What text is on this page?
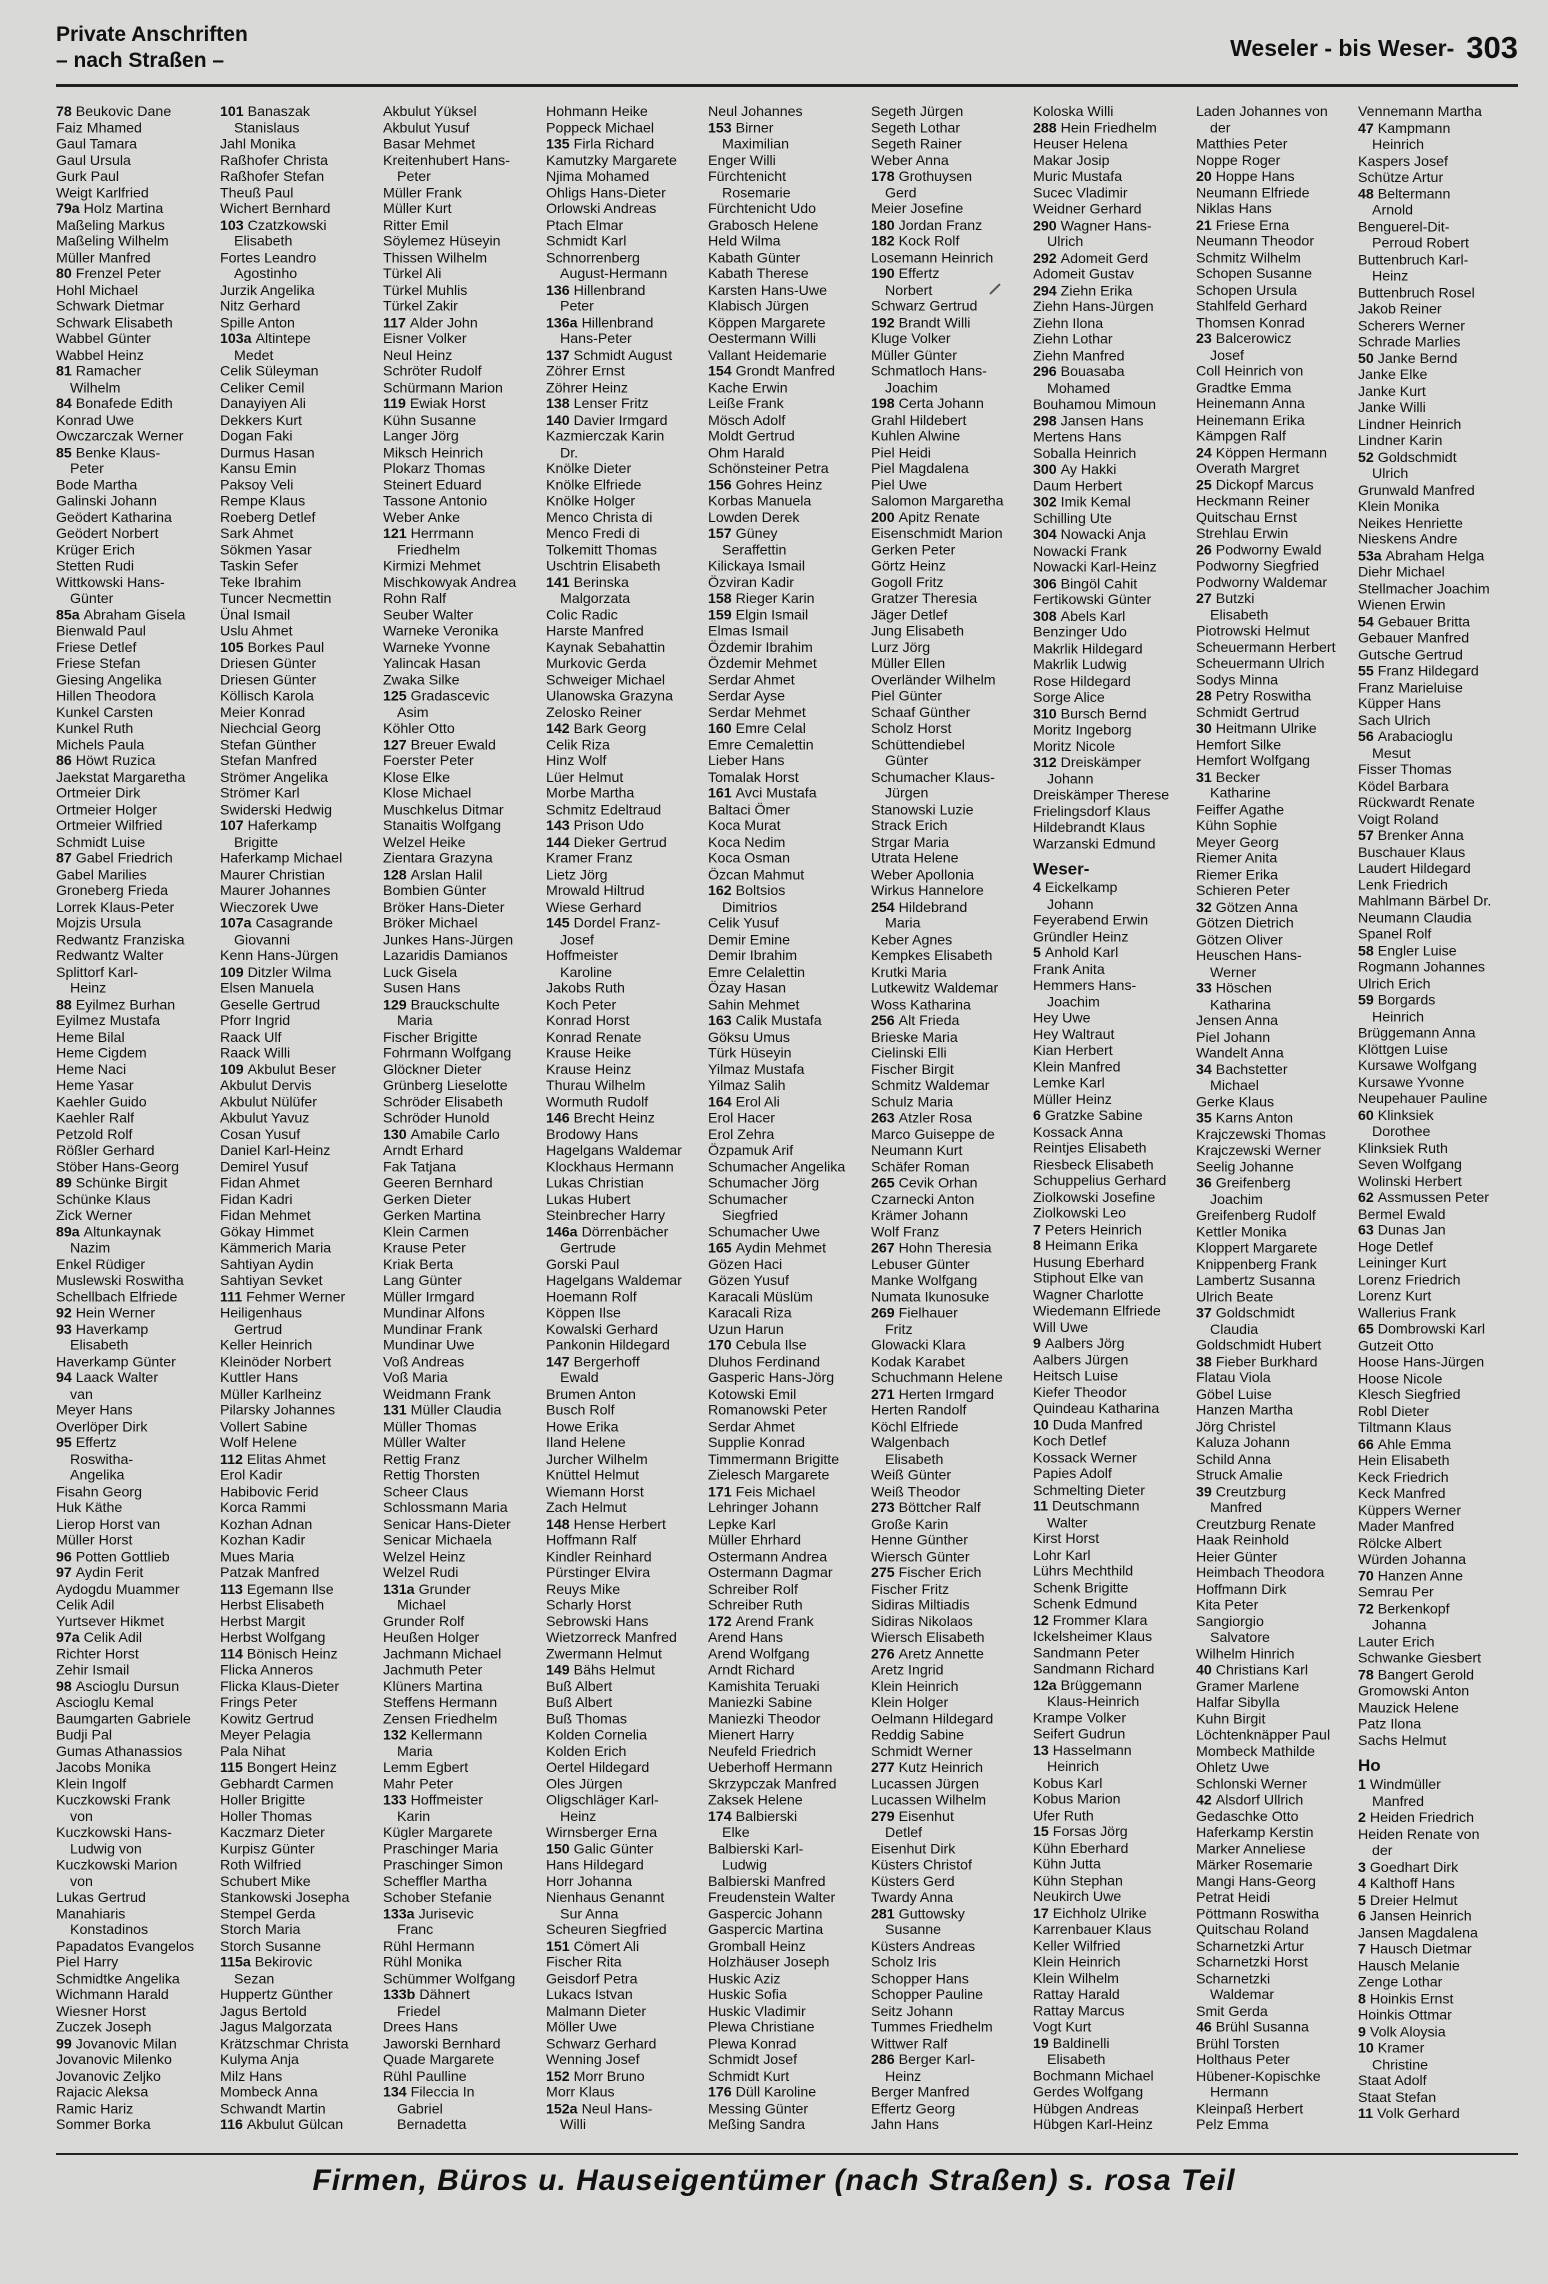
Private Anschriften
– nach Straßen –	Weseler - bis Weser- 303
78 Beukovic Dane
Faiz Mhamed
Gaul Tamara
Gaul Ursula
Gurk Paul
Weigt Karlfried
79a Holz Martina
Maßeling Markus
Maßeling Wilhelm
Müller Manfred
80 Frenzel Peter
Hohl Michael
Schwark Dietmar
Schwark Elisabeth
Wabbel Günter
Wabbel Heinz
81 Ramacher
Wilhelm
84 Bonafede Edith
Konrad Uwe
Owczarczak Werner
85 Benke Klaus-
Peter
Bode Martha
Galinski Johann
Geödert Katharina
Geödert Norbert
Krüger Erich
Stetten Rudi
Wittkowski Hans-
Günter
85a Abraham Gisela
Bienwald Paul
Friese Detlef
Friese Stefan
Giesing Angelika
Hillen Theodora
Kunkel Carsten
Kunkel Ruth
Michels Paula
86 Höwt Ruzica
Jaekstat Margaretha
Ortmeier Dirk
Ortmeier Holger
Ortmeier Wilfried
Schmidt Luise
87 Gabel Friedrich
Gabel Marilies
Groneberg Frieda
Lorrek Klaus-Peter
Mojzis Ursula
Redwantz Franziska
Redwantz Walter
Splittorf Karl-
Heinz
88 Eyilmez Burhan
Eyilmez Mustafa
Heme Bilal
Heme Cigdem
Heme Naci
Heme Yasar
Kaehler Guido
Kaehler Ralf
Petzold Rolf
Rößler Gerhard
Stöber Hans-Georg
89 Schünke Birgit
Schünke Klaus
Zick Werner
89a Altunkaynak
Nazim
Enkel Rüdiger
Muslewski Roswitha
Schellbach Elfriede
92 Hein Werner
93 Haverkamp
Elisabeth
Haverkamp Günter
94 Laack Walter
van
Meyer Hans
Overlöper Dirk
95 Effertz
Roswitha-
Angelika
Fisahn Georg
Huk Käthe
Lierop Horst van
Müller Horst
96 Potten Gottlieb
97 Aydin Ferit
Aydogdu Muammer
Celik Adil
Yurtsever Hikmet
97a Celik Adil
Richter Horst
Zehir Ismail
98 Ascioglu Dursun
Ascioglu Kemal
Baumgarten Gabriele
Budji Pal
Gumas Athanassios
Jacobs Monika
Klein Ingolf
Kuczkowski Frank
von
Kuczkowski Hans-
Ludwig von
Kuczkowski Marion
von
Lukas Gertrud
Manahiaris
Konstadinos
Papadatos Evangelos
Piel Harry
Schmidtke Angelika
Wichmann Harald
Wiesner Horst
Zuczek Joseph
99 Jovanovic Milan
Jovanovic Milenko
Jovanovic Zeljko
Rajacic Aleksa
Ramic Hariz
Sommer Borka
101 Banaszak
Stanislaus
Jahl Monika
Raßhofer Christa
Raßhofer Stefan
Theuß Paul
Wichert Bernhard
103 Czatzkowski
Elisabeth
Fortes Leandro
Agostinho
Jurzik Angelika
Nitz Gerhard
Spille Anton
103a Altintepe
Medet
Celik Süleyman
Celiker Cemil
Danayiyen Ali
Dekkers Kurt
Dogan Faki
Durmus Hasan
Kansu Emin
Paksoy Veli
Rempe Klaus
Roeberg Detlef
Sark Ahmet
Sökmen Yasar
Taskin Sefer
Teke Ibrahim
Tuncer Necmettin
Ünal Ismail
Uslu Ahmet
105 Borkes Paul
Driesen Günter
Driesen Günter
Köllisch Karola
Meier Konrad
Niechcial Georg
Stefan Günther
Stefan Manfred
Strömer Angelika
Strömer Karl
Swiderski Hedwig
107 Haferkamp
Brigitte
Haferkamp Michael
Maurer Christian
Maurer Johannes
Wieczorek Uwe
107a Casagrande
Giovanni
Kenn Hans-Jürgen
109 Ditzler Wilma
Elsen Manuela
Geselle Gertrud
Pforr Ingrid
Raack Ulf
Raack Willi
109 Akbulut Beser
Akbulut Dervis
Akbulut Nülüfer
Akbulut Yavuz
Cosan Yusuf
Daniel Karl-Heinz
Demirel Yusuf
Fidan Ahmet
Fidan Kadri
Fidan Mehmet
Gökay Himmet
Kämmerich Maria
Sahtiyan Aydin
Sahtiyan Sevket
111 Fehmer Werner
Heiligenhaus
Gertrud
Keller Heinrich
Kleinöder Norbert
Kuttler Hans
Müller Karlheinz
Pilarsky Johannes
Vollert Sabine
Wolf Helene
112 Elitas Ahmet
Erol Kadir
Habibovic Ferid
Korca Rammi
Kozhan Adnan
Kozhan Kadir
Mues Maria
Patzak Manfred
113 Egemann Ilse
Herbst Elisabeth
Herbst Margit
Herbst Wolfgang
114 Bönisch Heinz
Flicka Anneros
Flicka Klaus-Dieter
Frings Peter
Kowitz Gertrud
Meyer Pelagia
Pala Nihat
115 Bongert Heinz
Gebhardt Carmen
Holler Brigitte
Holler Thomas
Kaczmarz Dieter
Kurpisz Günter
Roth Wilfried
Schubert Mike
Stankowski Josepha
Stempel Gerda
Storch Maria
Storch Susanne
115a Bekirovic
Sezan
Huppertz Günther
Jagus Bertold
Jagus Malgorzata
Krätzschmar Christa
Kulyma Anja
Milz Hans
Mombeck Anna
Schwandt Martin
116 Akbulut Gülcan
Akbulut Yüksel
Akbulut Yusuf
Basar Mehmet
Kreitenhubert Hans-
Peter
Müller Frank
Müller Kurt
Ritter Emil
Söylemez Hüseyin
Thissen Wilhelm
Türkel Ali
Türkel Muhlis
Türkel Zakir
117 Alder John
Eisner Volker
Neul Heinz
Schröter Rudolf
Schürmann Marion
119 Ewiak Horst
Kühn Susanne
Langer Jörg
Miksch Heinrich
Plokarz Thomas
Steinert Eduard
Tassone Antonio
Weber Anke
121 Herrmann
Friedhelm
Kirmizi Mehmet
Mischkowyak Andrea
Rohn Ralf
Seuber Walter
Warneke Veronika
Warneke Yvonne
Yalincak Hasan
Zwaka Silke
125 Gradascevic
Asim
Köhler Otto
127 Breuer Ewald
Foerster Peter
Klose Elke
Klose Michael
Muschkelus Ditmar
Stanaitis Wolfgang
Welzel Heike
Zientara Grazyna
128 Arslan Halil
Bombien Günter
Bröker Hans-Dieter
Bröker Michael
Junkes Hans-Jürgen
Lazaridis Damianos
Luck Gisela
Susen Hans
129 Brauckschulte
Maria
Fischer Brigitte
Fohrmann Wolfgang
Glöckner Dieter
Grünberg Lieselotte
Schröder Elisabeth
Schröder Hunold
130 Amabile Carlo
Arndt Erhard
Fak Tatjana
Geeren Bernhard
Gerken Dieter
Gerken Martina
Klein Carmen
Krause Peter
Kriak Berta
Lang Günter
Müller Irmgard
Mundinar Alfons
Mundinar Frank
Mundinar Uwe
Voß Andreas
Voß Maria
Weidmann Frank
131 Müller Claudia
Müller Thomas
Müller Walter
Rettig Franz
Rettig Thorsten
Scheer Claus
Schlossmann Maria
Senicar Hans-Dieter
Senicar Michaela
Welzel Heinz
Welzel Rudi
131a Grunder
Michael
Grunder Rolf
Heußen Holger
Jachmann Michael
Jachmuth Peter
Klüners Martina
Steffens Hermann
Zensen Friedhelm
132 Kellermann
Maria
Lemm Egbert
Mahr Peter
133 Hoffmeister
Karin
Kügler Margarete
Praschinger Maria
Praschinger Simon
Scheffler Martha
Schober Stefanie
133a Jurisevic
Franc
Rühl Hermann
Rühl Monika
Schümmer Wolfgang
133b Dähnert
Friedel
Drees Hans
Jaworski Bernhard
Quade Margarete
Rühl Paulline
134 Fileccia In
Gabriel
Bernadetta
Hohmann Heike
Poppeck Michael
135 Firla Richard
Kamutzky Margarete
Njima Mohamed
Ohligs Hans-Dieter
Orlowski Andreas
Ptach Elmar
Schmidt Karl
Schnorrenberg
August-Hermann
136 Hillenbrand
Peter
136a Hillenbrand
Hans-Peter
137 Schmidt August
Zöhrer Ernst
Zöhrer Heinz
138 Lenser Fritz
140 Davier Irmgard
Kazmierczak Karin
Dr.
Knölke Dieter
Knölke Elfriede
Knölke Holger
Menco Christa di
Menco Fredi di
Tolkemitt Thomas
Uschtrin Elisabeth
141 Berinska
Malgorzata
Colic Radic
Harste Manfred
Kaynak Sebahattin
Murkovic Gerda
Schweiger Michael
Ulanowska Grazyna
Zelosko Reiner
142 Bark Georg
Celik Riza
Hinz Wolf
Lüer Helmut
Morbe Martha
Schmitz Edeltraud
143 Prison Udo
144 Dieker Gertrud
Kramer Franz
Lietz Jörg
Mrowald Hiltrud
Wiese Gerhard
145 Dordel Franz-
Josef
Hoffmeister
Karoline
Jakobs Ruth
Koch Peter
Konrad Horst
Konrad Renate
Krause Heike
Krause Heinz
Thurau Wilhelm
Wormuth Rudolf
146 Brecht Heinz
Brodowy Hans
Hagelgans Waldemar
Klockhaus Hermann
Lukas Christian
Lukas Hubert
Steinbrecher Harry
146a Dörrenbächer
Gertrude
Gorski Paul
Hagelgans Waldemar
Hoemann Rolf
Köppen Ilse
Kowalski Gerhard
Pankonin Hildegard
147 Bergerhoff
Ewald
Brumen Anton
Busch Rolf
Howe Erika
Iland Helene
Jurcher Wilhelm
Knüttel Helmut
Wiemann Horst
Zach Helmut
148 Hense Herbert
Hoffmann Ralf
Kindler Reinhard
Pürstinger Elvira
Reuys Mike
Scharly Horst
Sebrowski Hans
Wietzorreck Manfred
Zwermann Helmut
149 Bähs Helmut
Buß Albert
Buß Albert
Buß Thomas
Kolden Cornelia
Kolden Erich
Oertel Hildegard
Oles Jürgen
Oligschläger Karl-
Heinz
Wirnsberger Erna
150 Galic Günter
Hans Hildegard
Horr Johanna
Nienhaus Genannt
Sur Anna
Scheuren Siegfried
151 Cömert Ali
Fischer Rita
Geisdorf Petra
Lukacs Istvan
Malmann Dieter
Möller Uwe
Schwarz Gerhard
Wenning Josef
152 Morr Bruno
Morr Klaus
152a Neul Hans-
Willi
Neul Johannes
153 Birner
Maximilian
Enger Willi
Fürchtenicht
Rosemarie
Fürchtenicht Udo
Grabosch Helene
Held Wilma
Kabath Günter
Kabath Therese
Karsten Hans-Uwe
Klabisch Jürgen
Köppen Margarete
Oestermann Willi
Vallant Heidemarie
154 Grondt Manfred
Kache Erwin
Leiße Frank
Mösch Adolf
Moldt Gertrud
Ohm Harald
Schönsteiner Petra
156 Gohres Heinz
Korbas Manuela
Lowden Derek
157 Güney
Seraffettin
Kilickaya Ismail
Özviran Kadir
158 Rieger Karin
159 Elgin Ismail
Elmas Ismail
Özdemir Ibrahim
Özdemir Mehmet
Serdar Ahmet
Serdar Ayse
Serdar Mehmet
160 Emre Celal
Emre Cemalettin
Lieber Hans
Tomalak Horst
161 Avci Mustafa
Baltaci Ömer
Koca Murat
Koca Nedim
Koca Osman
Özcan Mahmut
162 Boltsios
Dimitrios
Celik Yusuf
Demir Emine
Demir Ibrahim
Emre Celalettin
Özay Hasan
Sahin Mehmet
163 Calik Mustafa
Göksu Umus
Türk Hüseyin
Yilmaz Mustafa
Yilmaz Salih
164 Erol Ali
Erol Hacer
Erol Zehra
Özpamuk Arif
Schumacher Angelika
Schumacher Jörg
Schumacher
Siegfried
Schumacher Uwe
165 Aydin Mehmet
Gözen Haci
Gözen Yusuf
Karacali Müslüm
Karacali Riza
Uzun Harun
170 Cebula Ilse
Dluhos Ferdinand
Gasperic Hans-Jörg
Kotowski Emil
Romanowski Peter
Serdar Ahmet
Supplie Konrad
Timmermann Brigitte
Zielesch Margarete
171 Feis Michael
Lehringer Johann
Lepke Karl
Müller Ehrhard
Ostermann Andrea
Ostermann Dagmar
Schreiber Rolf
Schreiber Ruth
172 Arend Frank
Arend Hans
Arend Wolfgang
Arndt Richard
Kamishita Teruaki
Maniezki Sabine
Maniezki Theodor
Mienert Harry
Neufeld Friedrich
Ueberhoff Hermann
Skrzypczak Manfred
Zaksek Helene
174 Balbierski
Elke
Balbierski Karl-
Ludwig
Balbierski Manfred
Freudenstein Walter
Gaspercic Johann
Gaspercic Martina
Gromball Heinz
Holzhäuser Joseph
Huskic Aziz
Huskic Sofia
Huskic Vladimir
Plewa Christiane
Plewa Konrad
Schmidt Josef
Schmidt Kurt
176 Düll Karoline
Messing Günter
Meßing Sandra
Segeth Jürgen
Segeth Lothar
Segeth Rainer
Weber Anna
178 Grothuysen
Gerd
Meier Josefine
180 Jordan Franz
182 Kock Rolf
Losemann Heinrich
190 Effertz
Norbert
Schwarz Gertrud
192 Brandt Willi
Kluge Volker
Müller Günter
Schmatloch Hans-
Joachim
198 Certa Johann
Grahl Hildebert
Kuhlen Alwine
Piel Heidi
Piel Magdalena
Piel Uwe
Salomon Margaretha
200 Apitz Renate
Eisenschmidt Marion
Gerken Peter
Görtz Heinz
Gogoll Fritz
Gratzer Theresia
Jäger Detlef
Jung Elisabeth
Lurz Jörg
Müller Ellen
Overländer Wilhelm
Piel Günter
Schaaf Günther
Scholz Horst
Schüttendiebel
Günter
Schumacher Klaus-
Jürgen
Stanowski Luzie
Strack Erich
Strgar Maria
Utrata Helene
Weber Apollonia
Wirkus Hannelore
254 Hildebrand
Maria
Keber Agnes
Kempkes Elisabeth
Krutki Maria
Lutkewitz Waldemar
Woss Katharina
256 Alt Frieda
Brieske Maria
Cielinski Elli
Fischer Birgit
Schmitz Waldemar
Schulz Maria
263 Atzler Rosa
Marco Guiseppe de
Neumann Kurt
Schäfer Roman
265 Cevik Orhan
Czarnecki Anton
Krämer Johann
Wolf Franz
267 Hohn Theresia
Lebuser Günter
Manke Wolfgang
Numata Ikunosuke
269 Fielhauer
Fritz
Glowacki Klara
Kodak Karabet
Schuchmann Helene
271 Herten Irmgard
Herten Randolf
Köchl Elfriede
Walgenbach
Elisabeth
Weiß Günter
Weiß Theodor
273 Böttcher Ralf
Große Karin
Henne Günther
Wiersch Günter
275 Fischer Erich
Fischer Fritz
Sidiras Miltiadis
Sidiras Nikolaos
Wiersch Elisabeth
276 Aretz Annette
Aretz Ingrid
Klein Heinrich
Klein Holger
Oelmann Hildegard
Reddig Sabine
Schmidt Werner
277 Kutz Heinrich
Lucassen Jürgen
Lucassen Wilhelm
279 Eisenhut
Detlef
Eisenhut Dirk
Küsters Christof
Küsters Gerd
Twardy Anna
281 Guttowsky
Susanne
Küsters Andreas
Scholz Iris
Schopper Hans
Schopper Pauline
Seitz Johann
Tummes Friedhelm
Wittwer Ralf
286 Berger Karl-
Heinz
Berger Manfred
Effertz Georg
Jahn Hans
Koloska Willi
288 Hein Friedhelm
Heuser Helena
Makar Josip
Muric Mustafa
Sucec Vladimir
Weidner Gerhard
290 Wagner Hans-
Ulrich
292 Adomeit Gerd
Adomeit Gustav
294 Ziehn Erika
Ziehn Hans-Jürgen
Ziehn Ilona
Ziehn Lothar
Ziehn Manfred
296 Bouasaba
Mohamed
Bouhamou Mimoun
298 Jansen Hans
Mertens Hans
Soballa Heinrich
300 Ay Hakki
Daum Herbert
302 Imik Kemal
Schilling Ute
304 Nowacki Anja
Nowacki Frank
Nowacki Karl-Heinz
306 Bingöl Cahit
Fertikowski Günter
308 Abels Karl
Benzinger Udo
Makrlik Hildegard
Makrlik Ludwig
Rose Hildegard
Sorge Alice
310 Bursch Bernd
Moritz Ingeborg
Moritz Nicole
312 Dreiskämper
Johann
Dreiskämper Therese
Frielingsdorf Klaus
Hildebrandt Klaus
Warzanski Edmund
Weser-
4 Eickelkamp
Johann
Feyerabend Erwin
Gründler Heinz
5 Anhold Karl
Frank Anita
Hemmers Hans-
Joachim
Hey Uwe
Hey Waltraut
Kian Herbert
Klein Manfred
Lemke Karl
Müller Heinz
6 Gratzke Sabine
Kossack Anna
Reintjes Elisabeth
Riesbeck Elisabeth
Schuppelius Gerhard
Ziolkowski Josefine
Ziolkowski Leo
7 Peters Heinrich
8 Heimann Erika
Husung Eberhard
Stiphout Elke van
Wagner Charlotte
Wiedemann Elfriede
Will Uwe
9 Aalbers Jörg
Aalbers Jürgen
Heitsch Luise
Kiefer Theodor
Quindeau Katharina
10 Duda Manfred
Koch Detlef
Kossack Werner
Papies Adolf
Schmelting Dieter
11 Deutschmann
Walter
Kirst Horst
Lohr Karl
Lührs Mechthild
Schenk Brigitte
Schenk Edmund
12 Frommer Klara
Ickelsheimer Klaus
Sandmann Peter
Sandmann Richard
12a Brüggemann
Klaus-Heinrich
Krampe Volker
Seifert Gudrun
13 Hasselmann
Heinrich
Kobus Karl
Kobus Marion
Ufer Ruth
15 Forsas Jörg
Kühn Eberhard
Kühn Jutta
Kühn Stephan
Neukirch Uwe
17 Eichholz Ulrike
Karrenbauer Klaus
Keller Wilfried
Klein Heinrich
Klein Wilhelm
Rattay Harald
Rattay Marcus
Vogt Kurt
19 Baldinelli
Elisabeth
Bochmann Michael
Gerdes Wolfgang
Hübgen Andreas
Hübgen Karl-Heinz
Laden Johannes von
der
Matthies Peter
Noppe Roger
20 Hoppe Hans
Neumann Elfriede
Niklas Hans
21 Friese Erna
Neumann Theodor
Schmitz Wilhelm
Schopen Susanne
Schopen Ursula
Stahlfeld Gerhard
Thomsen Konrad
23 Balcerowicz
Josef
Coll Heinrich von
Gradtke Emma
Heinemann Anna
Heinemann Erika
Kämpgen Ralf
24 Köppen Hermann
Overath Margret
25 Dickopf Marcus
Heckmann Reiner
Quitschau Ernst
Strehlau Erwin
26 Podworny Ewald
Podworny Siegfried
Podworny Waldemar
27 Butzki
Elisabeth
Piotrowski Helmut
Scheuermann Herbert
Scheuermann Ulrich
Sodys Minna
28 Petry Roswitha
Schmidt Gertrud
30 Heitmann Ulrike
Hemfort Silke
Hemfort Wolfgang
31 Becker
Katharine
Feiffer Agathe
Kühn Sophie
Meyer Georg
Riemer Anita
Riemer Erika
Schieren Peter
32 Götzen Anna
Götzen Dietrich
Götzen Oliver
Heuschen Hans-
Werner
33 Höschen
Katharina
Jensen Anna
Piel Johann
Wandelt Anna
34 Bachstetter
Michael
Gerke Klaus
35 Karns Anton
Krajczewski Thomas
Krajczewski Werner
Seelig Johanne
36 Greifenberg
Joachim
Greifenberg Rudolf
Kettler Monika
Kloppert Margarete
Knippenberg Frank
Lambertz Susanna
Ulrich Beate
37 Goldschmidt
Claudia
Goldschmidt Hubert
38 Fieber Burkhard
Flatau Viola
Göbel Luise
Hanzen Martha
Jörg Christel
Kaluza Johann
Schild Anna
Struck Amalie
39 Creutzburg
Manfred
Creutzburg Renate
Haak Reinhold
Heier Günter
Heimbach Theodora
Hoffmann Dirk
Kita Peter
Sangiorgio
Salvatore
Wilhelm Hinrich
40 Christians Karl
Gramer Marlene
Halfar Sibylla
Kuhn Birgit
Löchtenknäpper Paul
Mombeck Mathilde
Ohletz Uwe
Schlonski Werner
42 Alsdorf Ullrich
Gedaschke Otto
Haferkamp Kerstin
Marker Anneliese
Märker Rosemarie
Mangi Hans-Georg
Petrat Heidi
Pöttmann Roswitha
Quitschau Roland
Scharnetzki Artur
Scharnetzki Horst
Scharnetzki
Waldemar
Smit Gerda
46 Brühl Susanna
Brühl Torsten
Holthaus Peter
Hübener-Kopischke
Hermann
Kleinpaß Herbert
Pelz Emma
Vennemann Martha
47 Kampmann
Heinrich
Kaspers Josef
Schütze Artur
48 Beltermann
Arnold
Benguerel-Dit-
Perroud Robert
Buttenbruch Karl-
Heinz
Buttenbruch Rosel
Jakob Reiner
Scherers Werner
Schrade Marlies
50 Janke Bernd
Janke Elke
Janke Kurt
Janke Willi
Lindner Heinrich
Lindner Karin
52 Goldschmidt
Ulrich
Grunwald Manfred
Klein Monika
Neikes Henriette
Nieskens Andre
53a Abraham Helga
Diehr Michael
Stellmacher Joachim
Wienen Erwin
54 Gebauer Britta
Gebauer Manfred
Gutsche Gertrud
55 Franz Hildegard
Franz Marieluise
Küpper Hans
Sach Ulrich
56 Arabacioglu
Mesut
Fisser Thomas
Ködel Barbara
Rückwardt Renate
Voigt Roland
57 Brenker Anna
Buschauer Klaus
Laudert Hildegard
Lenk Friedrich
Mahlmann Bärbel Dr.
Neumann Claudia
Spanel Rolf
58 Engler Luise
Rogmann Johannes
Ulrich Erich
59 Borgards
Heinrich
Brüggemann Anna
Klöttgen Luise
Kursawe Wolfgang
Kursawe Yvonne
Neupehauer Pauline
60 Klinksiek
Dorothee
Klinksiek Ruth
Seven Wolfgang
Wolinski Herbert
62 Assmussen Peter
Bermel Ewald
63 Dunas Jan
Hoge Detlef
Leininger Kurt
Lorenz Friedrich
Lorenz Kurt
Wallerius Frank
65 Dombrowski Karl
Gutzeit Otto
Hoose Hans-Jürgen
Hoose Nicole
Klesch Siegfried
Robl Dieter
Tiltmann Klaus
66 Ahle Emma
Hein Elisabeth
Keck Friedrich
Keck Manfred
Küppers Werner
Mader Manfred
Rölcke Albert
Würden Johanna
70 Hanzen Anne
Semrau Per
72 Berkenkopf
Johanna
Lauter Erich
Schwanke Giesbert
78 Bangert Gerold
Gromowski Anton
Mauzick Helene
Patz Ilona
Sachs Helmut
Ho
1 Windmüller
Manfred
2 Heiden Friedrich
Heiden Renate von
der
3 Goedhart Dirk
4 Kalthoff Hans
5 Dreier Helmut
6 Jansen Heinrich
Jansen Magdalena
7 Hausch Dietmar
Hausch Melanie
Zenge Lothar
8 Hoinkis Ernst
Hoinkis Ottmar
9 Volk Aloysia
10 Kramer
Christine
Staat Adolf
Staat Stefan
11 Volk Gerhard
Firmen, Büros u. Hauseigentümer (nach Straßen) s. rosa Teil
